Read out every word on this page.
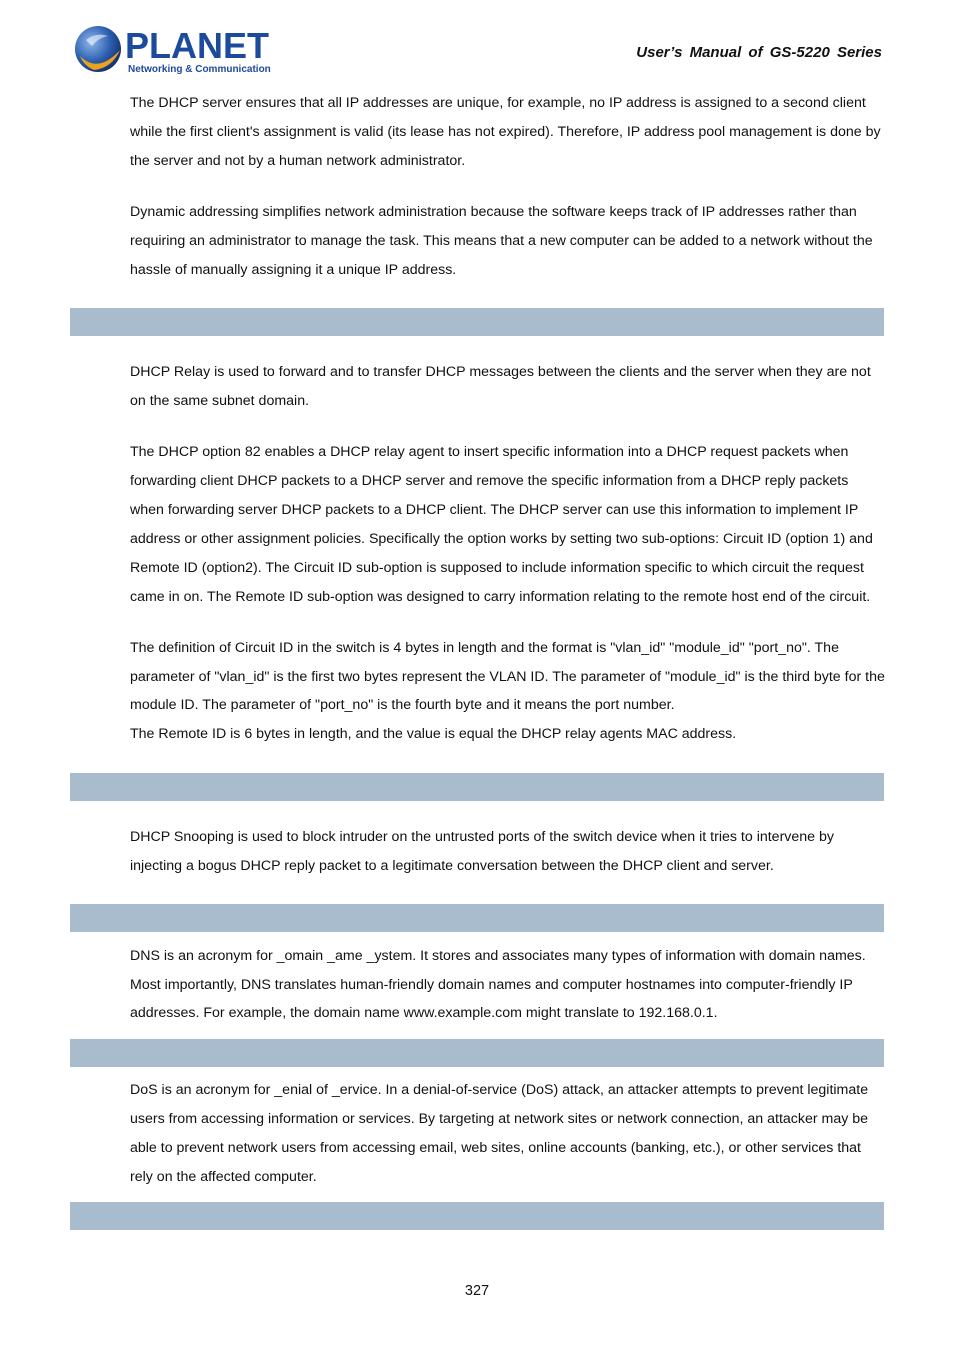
PLANET
Networking & Communication
User’s Manual of GS-5220 Series

The DHCP server ensures that all IP addresses are unique, for example, no IP address is assigned to a second client while the first client's assignment is valid (its lease has not expired). Therefore, IP address pool management is done by the server and not by a human network administrator.

Dynamic addressing simplifies network administration because the software keeps track of IP addresses rather than requiring an administrator to manage the task. This means that a new computer can be added to a network without the hassle of manually assigning it a unique IP address.

DHCP Relay is used to forward and to transfer DHCP messages between the clients and the server when they are not on the same subnet domain.

The DHCP option 82 enables a DHCP relay agent to insert specific information into a DHCP request packets when forwarding client DHCP packets to a DHCP server and remove the specific information from a DHCP reply packets when forwarding server DHCP packets to a DHCP client. The DHCP server can use this information to implement IP address or other assignment policies. Specifically the option works by setting two sub-options: Circuit ID (option 1) and Remote ID (option2). The Circuit ID sub-option is supposed to include information specific to which circuit the request came in on. The Remote ID sub-option was designed to carry information relating to the remote host end of the circuit.

The definition of Circuit ID in the switch is 4 bytes in length and the format is "vlan_id" "module_id" "port_no". The parameter of "vlan_id" is the first two bytes represent the VLAN ID. The parameter of "module_id" is the third byte for the module ID. The parameter of "port_no" is the fourth byte and it means the port number.

The Remote ID is 6 bytes in length, and the value is equal the DHCP relay agents MAC address.

DHCP Snooping is used to block intruder on the untrusted ports of the switch device when it tries to intervene by injecting a bogus DHCP reply packet to a legitimate conversation between the DHCP client and server.

DNS is an acronym for _omain _ame _ystem. It stores and associates many types of information with domain names. Most importantly, DNS translates human-friendly domain names and computer hostnames into computer-friendly IP addresses. For example, the domain name www.example.com might translate to 192.168.0.1.

DoS is an acronym for _enial of _ervice. In a denial-of-service (DoS) attack, an attacker attempts to prevent legitimate users from accessing information or services. By targeting at network sites or network connection, an attacker may be able to prevent network users from accessing email, web sites, online accounts (banking, etc.), or other services that rely on the affected computer.

327
